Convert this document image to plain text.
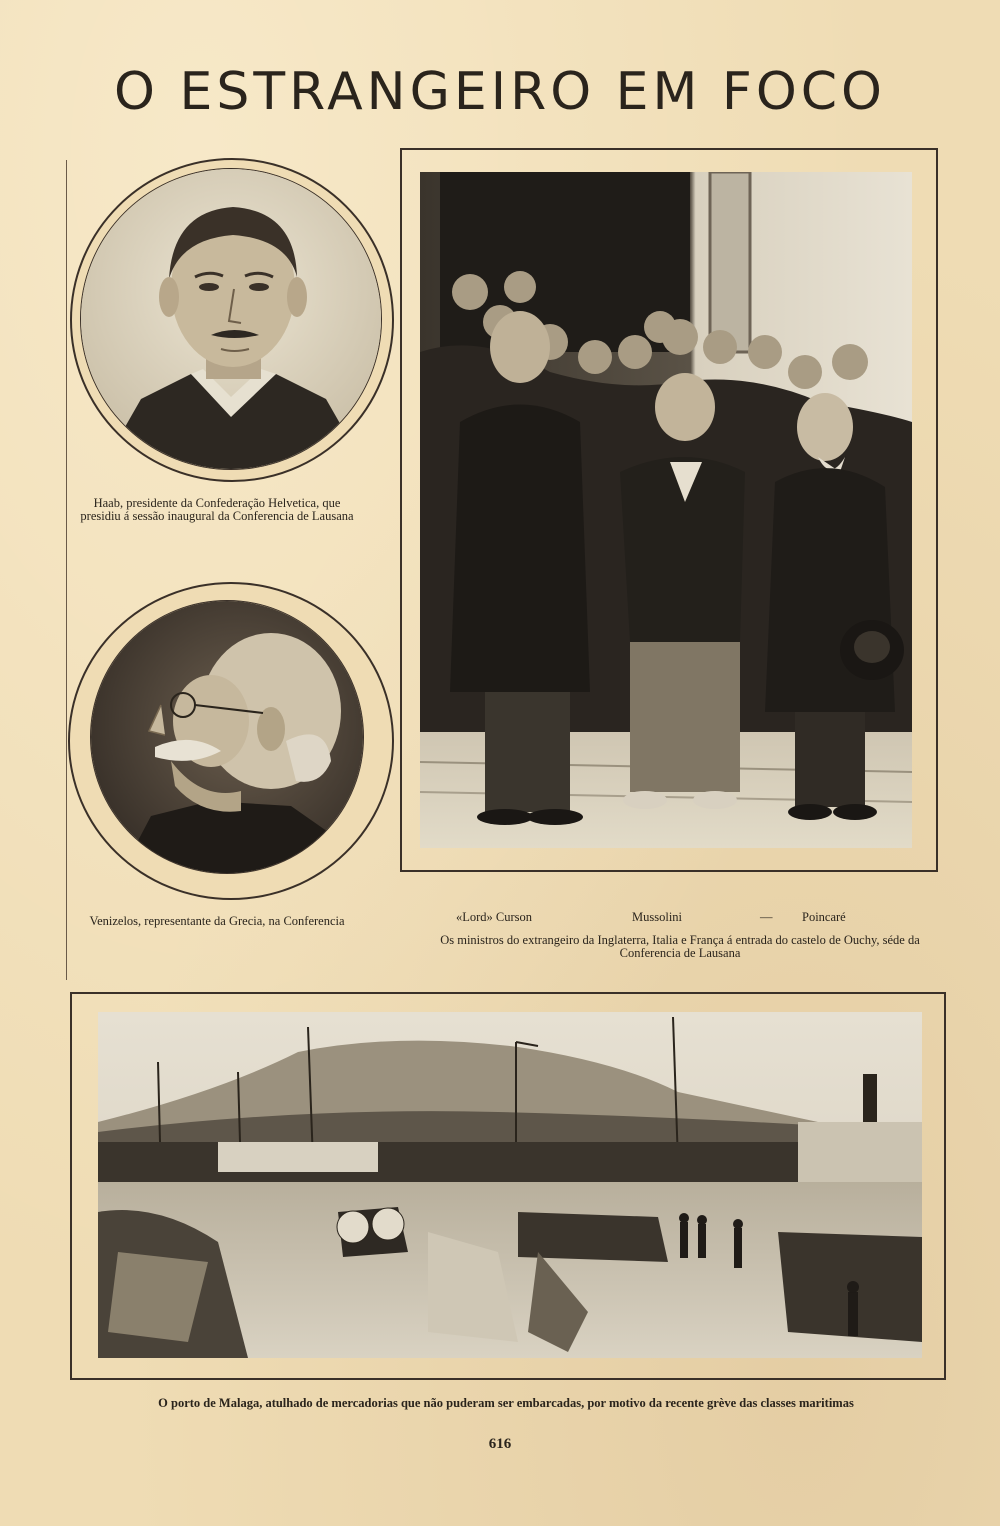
O ESTRANGEIRO EM FOCO
Haab, presidente da Confederação Helvetica, que presidiu á sessão inaugural da Conferencia de Lausana
Venizelos, representante da Grecia, na Conferencia	«Lord» Curson	Mussolini	— Poincaré
Os ministros do extrangeiro da Inglaterra, Italia e França á entrada do castelo de Ouchy, séde da Conferencia de Lausana
O porto de Malaga, atulhado de mercadorias que não puderam ser embarcadas, por motivo da recente grève das classes maritimas
616
